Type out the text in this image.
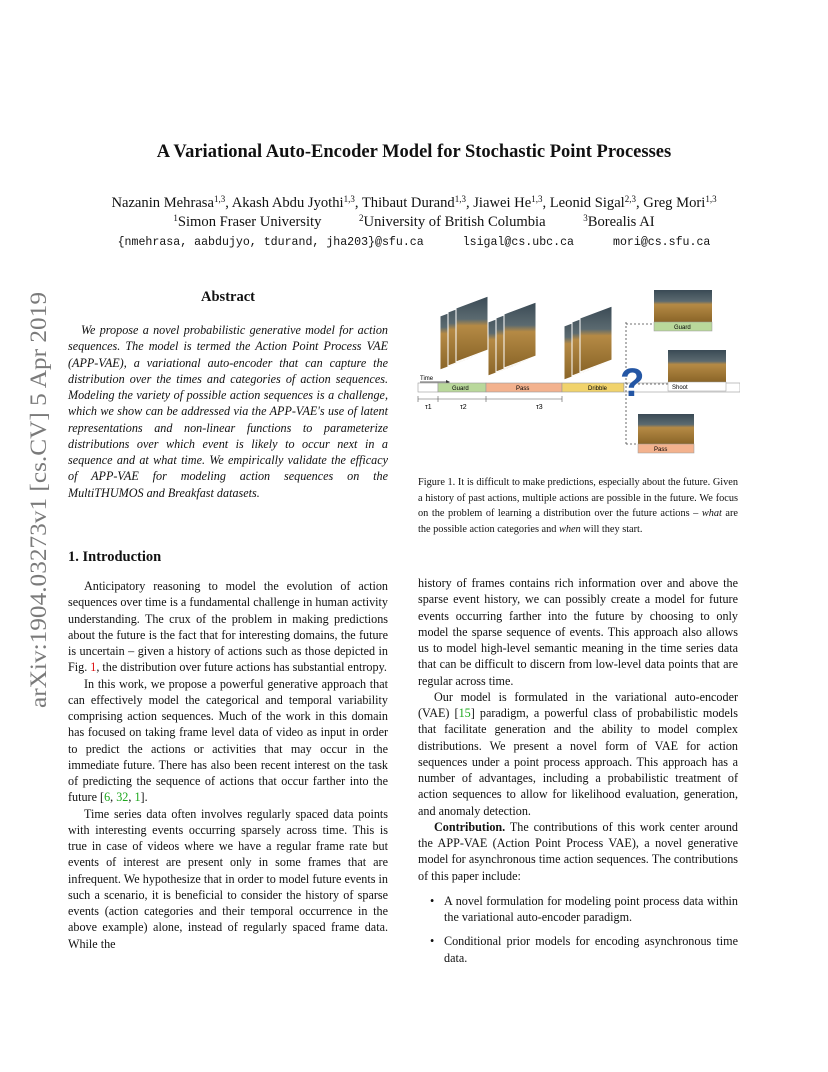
arXiv:1904.03273v1 [cs.CV] 5 Apr 2019
A Variational Auto-Encoder Model for Stochastic Point Processes
Nazanin Mehrasa$^{1,3}$, Akash Abdu Jyothi$^{1,3}$, Thibaut Durand$^{1,3}$, Jiawei He$^{1,3}$, Leonid Sigal$^{2,3}$, Greg Mori$^{1,3}$
$^1$Simon Fraser University	$^2$University of British Columbia	$^3$Borealis AI
{nmehrasa, aabdujyo, tdurand, jha203}@sfu.ca	lsigal@cs.ubc.ca	mori@cs.sfu.ca
Abstract

We propose a novel probabilistic generative model for action sequences. The model is termed the Action Point Process VAE (APP-VAE), a variational auto-encoder that can capture the distribution over the times and categories of action sequences. Modeling the variety of possible action sequences is a challenge, which we show can be addressed via the APP-VAE's use of latent representations and non-linear functions to parameterize distributions over which event is likely to occur next in a sequence and at what time. We empirically validate the efficacy of APP-VAE for modeling action sequences on the MultiTHUMOS and Breakfast datasets.

1. Introduction

Anticipatory reasoning to model the evolution of action sequences over time is a fundamental challenge in human activity understanding. The crux of the problem in making predictions about the future is the fact that for interesting domains, the future is uncertain – given a history of actions such as those depicted in Fig. 1, the distribution over future actions has substantial entropy.

In this work, we propose a powerful generative approach that can effectively model the categorical and temporal variability comprising action sequences. Much of the work in this domain has focused on taking frame level data of video as input in order to predict the actions or activities that may occur in the immediate future. There has also been recent interest on the task of predicting the sequence of actions that occur farther into the future [6, 32, 1].

Time series data often involves regularly spaced data points with interesting events occurring sparsely across time. This is true in case of videos where we have a regular frame rate but events of interest are present only in some frames that are infrequent. We hypothesize that in order to model future events in such a scenario, it is beneficial to consider the history of sparse events (action categories and their temporal occurrence in the above example) alone, instead of regularly spaced frame data. While the

Time
Guard	Pass	Dribble
τ1	τ2	τ3
Guard
Shoot
Pass
?
Figure 1. It is difficult to make predictions, especially about the future. Given a history of past actions, multiple actions are possible in the future. We focus on the problem of learning a distribution over the future actions – what are the possible action categories and when will they start.

history of frames contains rich information over and above the sparse event history, we can possibly create a model for future events occurring farther into the future by choosing to only model the sparse sequence of events. This approach also allows us to model high-level semantic meaning in the time series data that can be difficult to discern from low-level data points that are regular across time.

Our model is formulated in the variational auto-encoder (VAE) [15] paradigm, a powerful class of probabilistic models that facilitate generation and the ability to model complex distributions. We present a novel form of VAE for action sequences under a point process approach. This approach has a number of advantages, including a probabilistic treatment of action sequences to allow for likelihood evaluation, generation, and anomaly detection.

Contribution. The contributions of this work center around the APP-VAE (Action Point Process VAE), a novel generative model for asynchronous time action sequences. The contributions of this paper include:

• A novel formulation for modeling point process data within the variational auto-encoder paradigm.
• Conditional prior models for encoding asynchronous time data.
